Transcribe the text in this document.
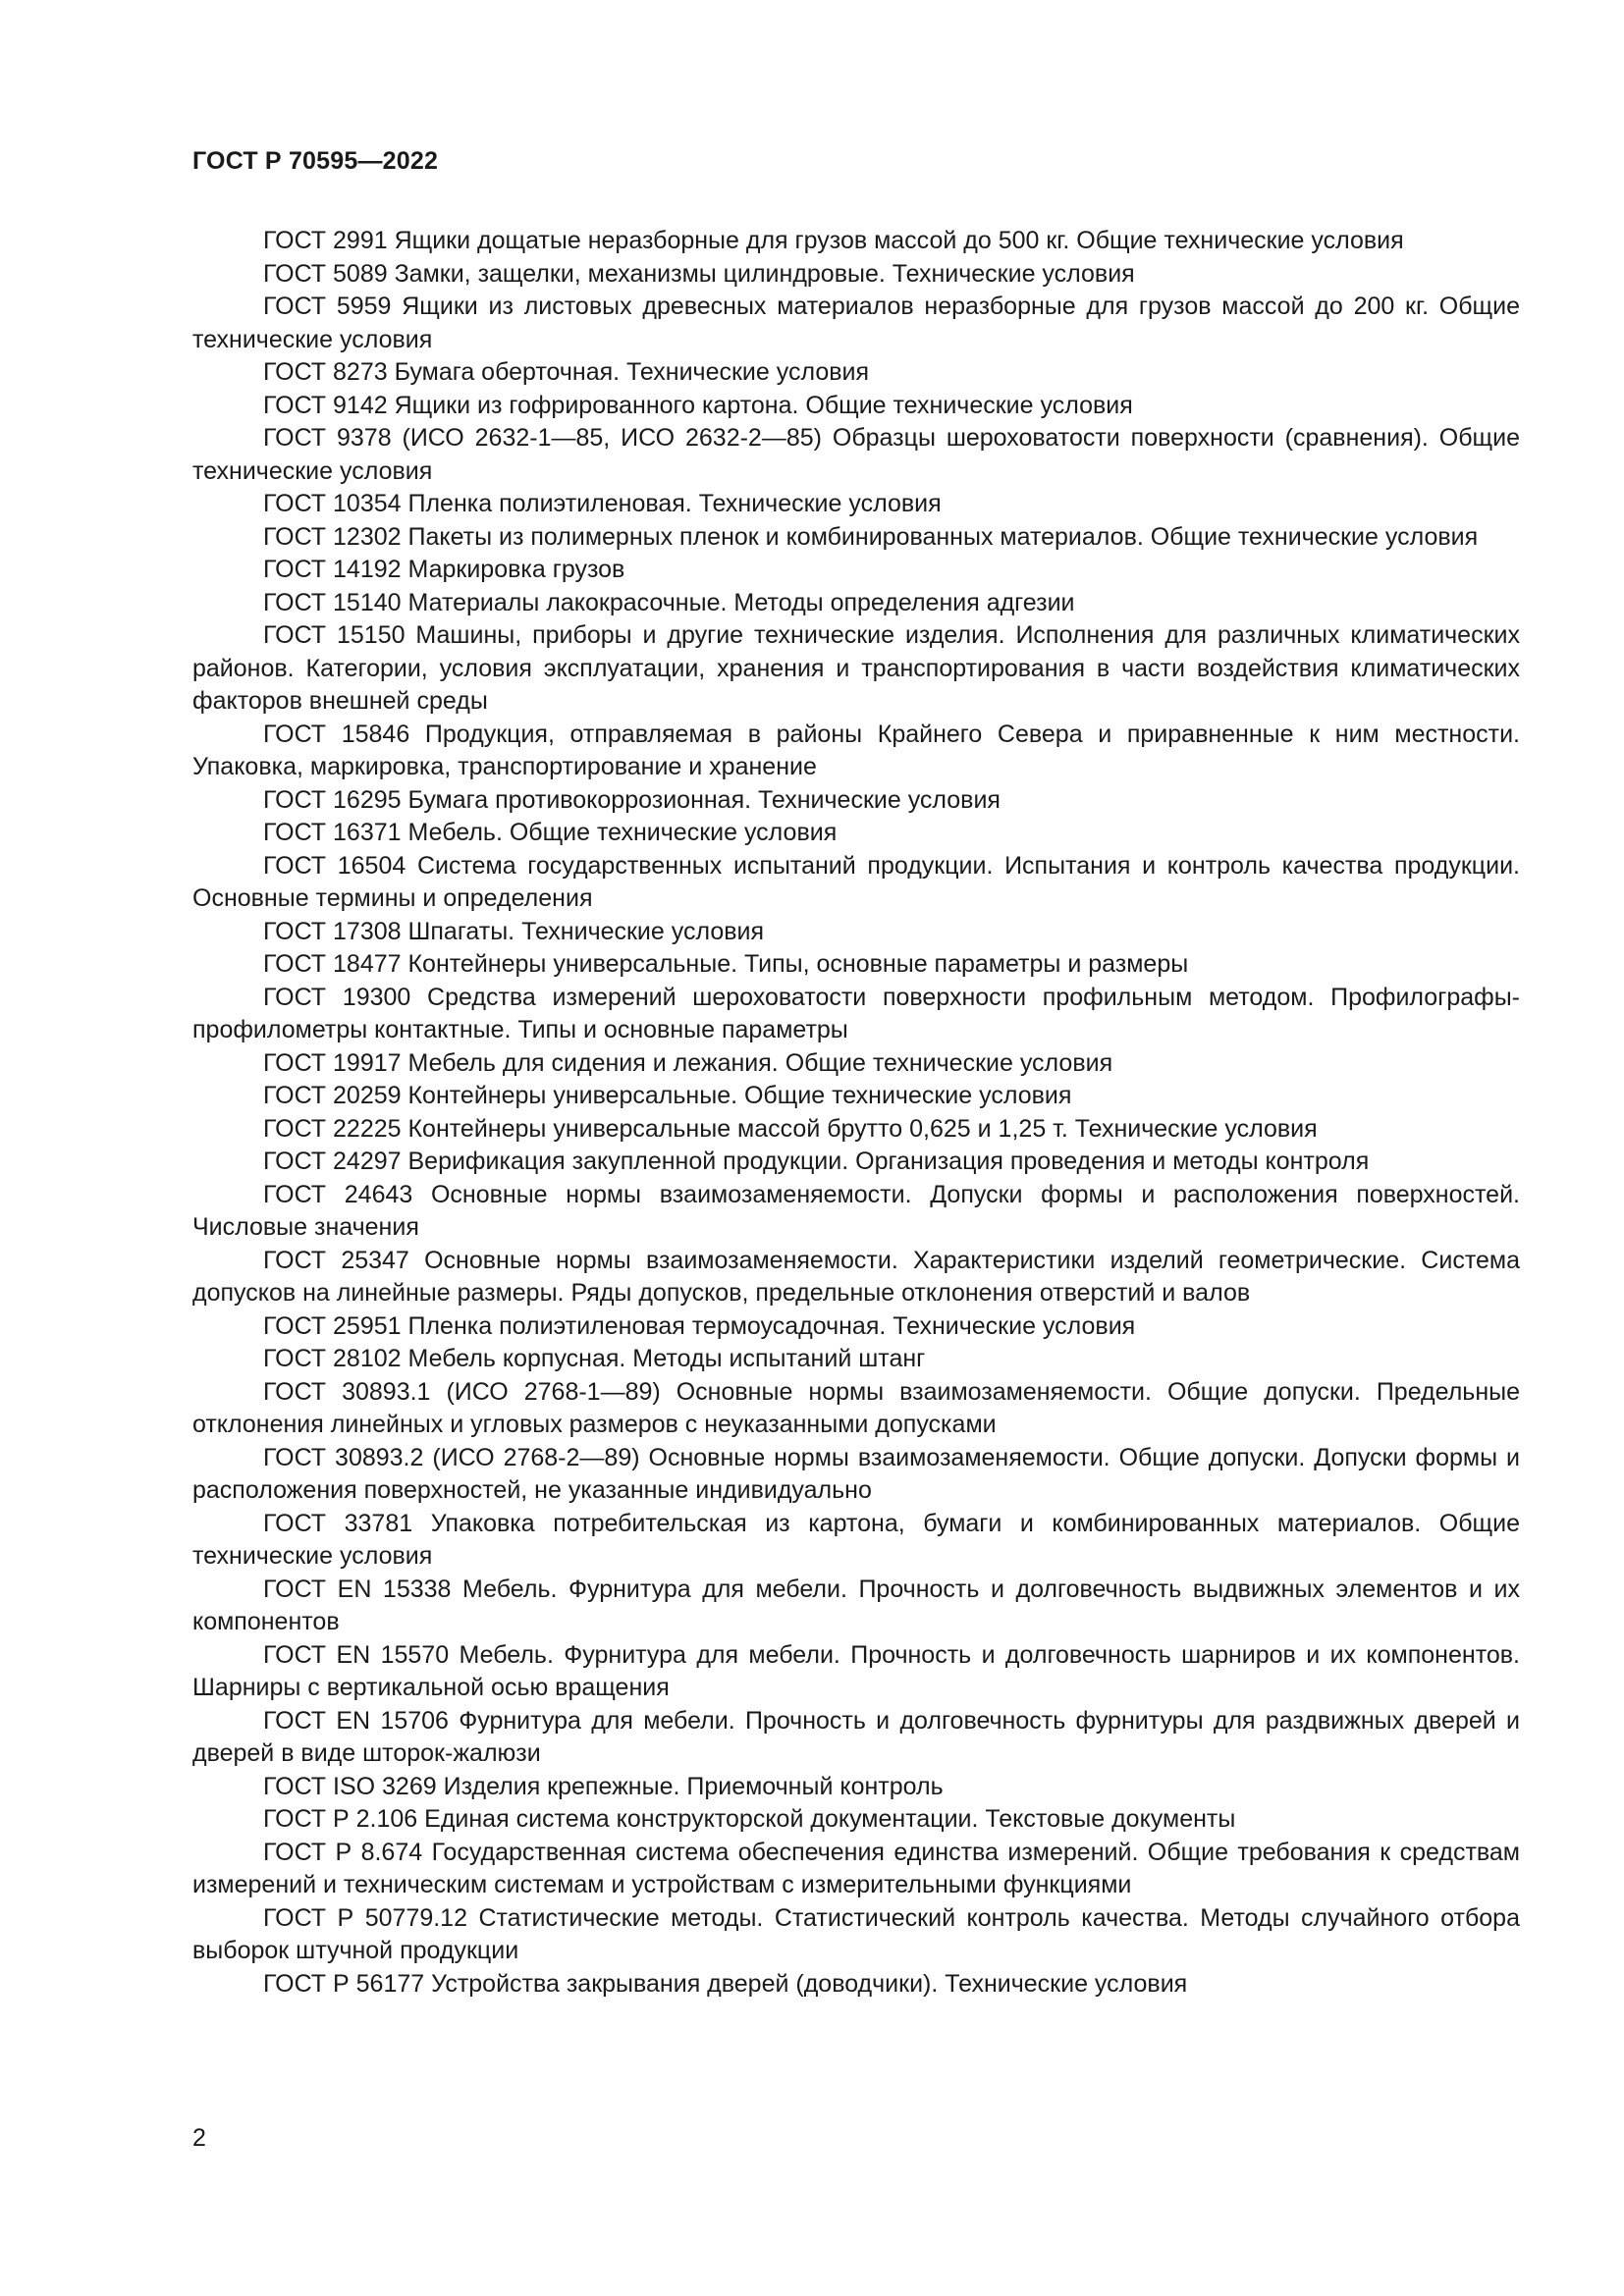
ГОСТ Р 70595—2022
ГОСТ 2991 Ящики дощатые неразборные для грузов массой до 500 кг. Общие технические условия
ГОСТ 5089 Замки, защелки, механизмы цилиндровые. Технические условия
ГОСТ 5959 Ящики из листовых древесных материалов неразборные для грузов массой до 200 кг. Общие технические условия
ГОСТ 8273 Бумага оберточная. Технические условия
ГОСТ 9142 Ящики из гофрированного картона. Общие технические условия
ГОСТ 9378 (ИСО 2632-1—85, ИСО 2632-2—85) Образцы шероховатости поверхности (сравнения). Общие технические условия
ГОСТ 10354 Пленка полиэтиленовая. Технические условия
ГОСТ 12302 Пакеты из полимерных пленок и комбинированных материалов. Общие технические условия
ГОСТ 14192 Маркировка грузов
ГОСТ 15140 Материалы лакокрасочные. Методы определения адгезии
ГОСТ 15150 Машины, приборы и другие технические изделия. Исполнения для различных климатических районов. Категории, условия эксплуатации, хранения и транспортирования в части воздействия климатических факторов внешней среды
ГОСТ 15846 Продукция, отправляемая в районы Крайнего Севера и приравненные к ним местности. Упаковка, маркировка, транспортирование и хранение
ГОСТ 16295 Бумага противокоррозионная. Технические условия
ГОСТ 16371 Мебель. Общие технические условия
ГОСТ 16504 Система государственных испытаний продукции. Испытания и контроль качества продукции. Основные термины и определения
ГОСТ 17308 Шпагаты. Технические условия
ГОСТ 18477 Контейнеры универсальные. Типы, основные параметры и размеры
ГОСТ 19300 Средства измерений шероховатости поверхности профильным методом. Профилографы-профилометры контактные. Типы и основные параметры
ГОСТ 19917 Мебель для сидения и лежания. Общие технические условия
ГОСТ 20259 Контейнеры универсальные. Общие технические условия
ГОСТ 22225 Контейнеры универсальные массой брутто 0,625 и 1,25 т. Технические условия
ГОСТ 24297 Верификация закупленной продукции. Организация проведения и методы контроля
ГОСТ 24643 Основные нормы взаимозаменяемости. Допуски формы и расположения поверхностей. Числовые значения
ГОСТ 25347 Основные нормы взаимозаменяемости. Характеристики изделий геометрические. Система допусков на линейные размеры. Ряды допусков, предельные отклонения отверстий и валов
ГОСТ 25951 Пленка полиэтиленовая термоусадочная. Технические условия
ГОСТ 28102 Мебель корпусная. Методы испытаний штанг
ГОСТ 30893.1 (ИСО 2768-1—89) Основные нормы взаимозаменяемости. Общие допуски. Предельные отклонения линейных и угловых размеров с неуказанными допусками
ГОСТ 30893.2 (ИСО 2768-2—89) Основные нормы взаимозаменяемости. Общие допуски. Допуски формы и расположения поверхностей, не указанные индивидуально
ГОСТ 33781 Упаковка потребительская из картона, бумаги и комбинированных материалов. Общие технические условия
ГОСТ EN 15338 Мебель. Фурнитура для мебели. Прочность и долговечность выдвижных элементов и их компонентов
ГОСТ EN 15570 Мебель. Фурнитура для мебели. Прочность и долговечность шарниров и их компонентов. Шарниры с вертикальной осью вращения
ГОСТ EN 15706 Фурнитура для мебели. Прочность и долговечность фурнитуры для раздвижных дверей и дверей в виде шторок-жалюзи
ГОСТ ISO 3269 Изделия крепежные. Приемочный контроль
ГОСТ Р 2.106 Единая система конструкторской документации. Текстовые документы
ГОСТ Р 8.674 Государственная система обеспечения единства измерений. Общие требования к средствам измерений и техническим системам и устройствам с измерительными функциями
ГОСТ Р 50779.12 Статистические методы. Статистический контроль качества. Методы случайного отбора выборок штучной продукции
ГОСТ Р 56177 Устройства закрывания дверей (доводчики). Технические условия

2
